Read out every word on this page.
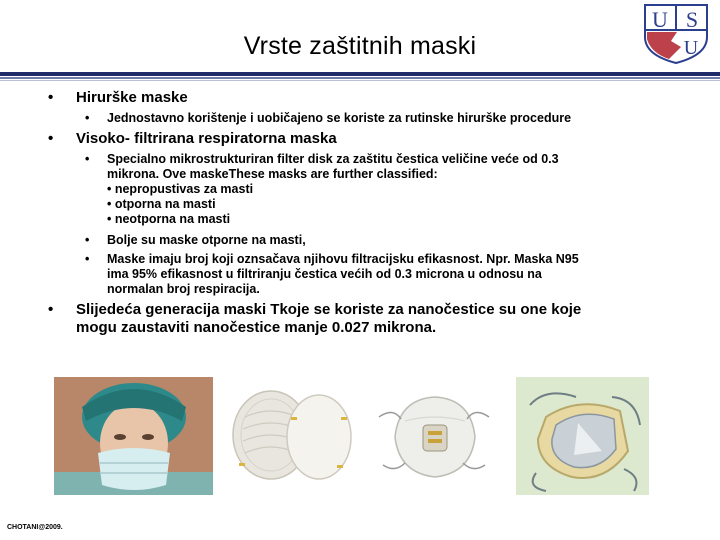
Vrste zaštitnih maski
U S
U
• Hirurške maske
• Jednostavno korištenje i uobičajeno se koriste za rutinske hirurške procedure
• Visoko- filtrirana respiratorna maska
• Specialno mikrostrukturiran filter disk za zaštitu čestica veličine veće od 0.3
mikrona. Ove maskeThese masks are further classified:
• nepropustivas za masti
• otporna na masti
• neotporna na masti
• Bolje su maske otporne na masti,
• Maske imaju broj koji oznsačava njihovu filtracijsku efikasnost. Npr. Maska N95
ima 95% efikasnost u filtriranju čestica većih od 0.3 microna u odnosu na
normalan broj respiracija.
• Slijedeća generacija maski Tkoje se koriste za nanočestice su one koje
mogu zaustaviti nanočestice manje 0.027 mikrona.
CHOTANI@2009.
